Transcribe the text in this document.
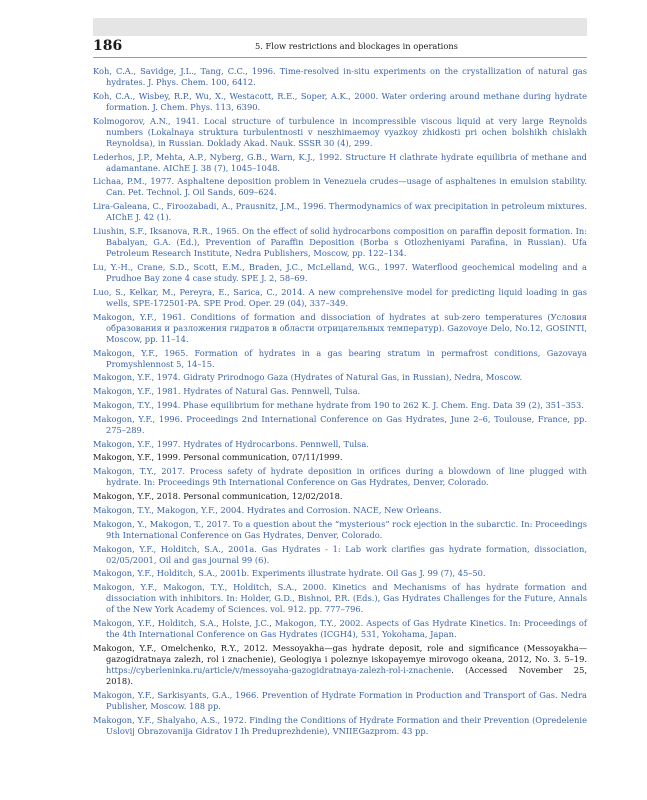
186	5. Flow restrictions and blockages in operations
Koh, C.A., Savidge, J.L., Tang, C.C., 1996. Time-resolved in-situ experiments on the crystallization of natural gas hydrates. J. Phys. Chem. 100, 6412.
Koh, C.A., Wisbey, R.P., Wu, X., Westacott, R.E., Soper, A.K., 2000. Water ordering around methane during hydrate formation. J. Chem. Phys. 113, 6390.
Kolmogorov, A.N., 1941. Local structure of turbulence in incompressible viscous liquid at very large Reynolds numbers (Lokalnaya struktura turbulentnosti v neszhimaemoy vyazkoy zhidkosti pri ochen bolshikh chislakh Reynoldsa), in Russian. Doklady Akad. Nauk. SSSR 30 (4), 299.
Lederhos, J.P., Mehta, A.P., Nyberg, G.B., Warn, K.J., 1992. Structure H clathrate hydrate equilibria of methane and adamantane. AIChE J. 38 (7), 1045–1048.
Lichaa, P.M., 1977. Asphaltene deposition problem in Venezuela crudes—usage of asphaltenes in emulsion stability. Can. Pet. Technol. J. Oil Sands, 609–624.
Lira-Galeana, C., Firoozabadi, A., Prausnitz, J.M., 1996. Thermodynamics of wax precipitation in petroleum mixtures. AIChE J. 42 (1).
Liushin, S.F., Iksanova, R.R., 1965. On the effect of solid hydrocarbons composition on paraffin deposit formation. In: Babalyan, G.A. (Ed.), Prevention of Paraffin Deposition (Borba s Otlozheniyami Parafina, in Russian). Ufa Petroleum Research Institute, Nedra Publishers, Moscow, pp. 122–134.
Lu, Y.-H., Crane, S.D., Scott, E.M., Braden, J.C., McLelland, W.G., 1997. Waterflood geochemical modeling and a Prudhoe Bay zone 4 case study. SPE J. 2, 58–69.
Luo, S., Kelkar, M., Pereyra, E., Sarica, C., 2014. A new comprehensive model for predicting liquid loading in gas wells, SPE-172501-PA. SPE Prod. Oper. 29 (04), 337–349.
Makogon, Y.F., 1961. Conditions of formation and dissociation of hydrates at sub-zero temperatures (Условия образования и разложения гидратов в области отрицательных температур). Gazovoye Delo, No.12, GOSINTI, Moscow, pp. 11–14.
Makogon, Y.F., 1965. Formation of hydrates in a gas bearing stratum in permafrost conditions, Gazovaya Promyshlennost 5, 14–15.
Makogon, Y.F., 1974. Gidraty Prirodnogo Gaza (Hydrates of Natural Gas, in Russian), Nedra, Moscow.
Makogon, Y.F., 1981. Hydrates of Natural Gas. Pennwell, Tulsa.
Makogon, T.Y., 1994. Phase equilibrium for methane hydrate from 190 to 262 K. J. Chem. Eng. Data 39 (2), 351–353.
Makogon, Y.F., 1996. Proceedings 2nd International Conference on Gas Hydrates, June 2–6, Toulouse, France, pp. 275–289.
Makogon, Y.F., 1997. Hydrates of Hydrocarbons. Pennwell, Tulsa.
Makogon, Y.F., 1999. Personal communication, 07/11/1999.
Makogon, T.Y., 2017. Process safety of hydrate deposition in orifices during a blowdown of line plugged with hydrate. In: Proceedings 9th International Conference on Gas Hydrates, Denver, Colorado.
Makogon, Y.F., 2018. Personal communication, 12/02/2018.
Makogon, T.Y., Makogon, Y.F., 2004. Hydrates and Corrosion. NACE, New Orleans.
Makogon, Y., Makogon, T., 2017. To a question about the “mysterious” rock ejection in the subarctic. In: Proceedings 9th International Conference on Gas Hydrates, Denver, Colorado.
Makogon, Y.F., Holditch, S.A., 2001a. Gas Hydrates - 1: Lab work clarifies gas hydrate formation, dissociation, 02/05/2001, Oil and gas journal 99 (6).
Makogon, Y.F., Holditch, S.A., 2001b. Experiments illustrate hydrate. Oil Gas J. 99 (7), 45–50.
Makogon, Y.F., Makogon, T.Y., Holditch, S.A., 2000. Kinetics and Mechanisms of has hydrate formation and dissociation with inhibitors. In: Holder, G.D., Bishnoi, P.R. (Eds.), Gas Hydrates Challenges for the Future, Annals of the New York Academy of Sciences. vol. 912. pp. 777–796.
Makogon, Y.F., Holditch, S.A., Holste, J.C., Makogon, T.Y., 2002. Aspects of Gas Hydrate Kinetics. In: Proceedings of the 4th International Conference on Gas Hydrates (ICGH4), 531, Yokohama, Japan.
Makogon, Y.F., Omelchenko, R.Y., 2012. Messoyakha—gas hydrate deposit, role and significance (Messoyakha—gazogidratnaya zalezh, rol i znachenie), Geologiya i poleznye iskopayemye mirovogo okeana, 2012, No. 3. 5–19. https://cyberleninka.ru/article/v/messoyaha-gazogidratnaya-zalezh-rol-i-znachenie. (Accessed November 25, 2018).
Makogon, Y.F., Sarkisyants, G.A., 1966. Prevention of Hydrate Formation in Production and Transport of Gas. Nedra Publisher, Moscow. 188 pp.
Makogon, Y.F., Shalyaho, A.S., 1972. Finding the Conditions of Hydrate Formation and their Prevention (Opredelenie Uslovij Obrazovanija Gidratov I Ih Preduprezhdenie), VNIIEGazprom. 43 pp.
